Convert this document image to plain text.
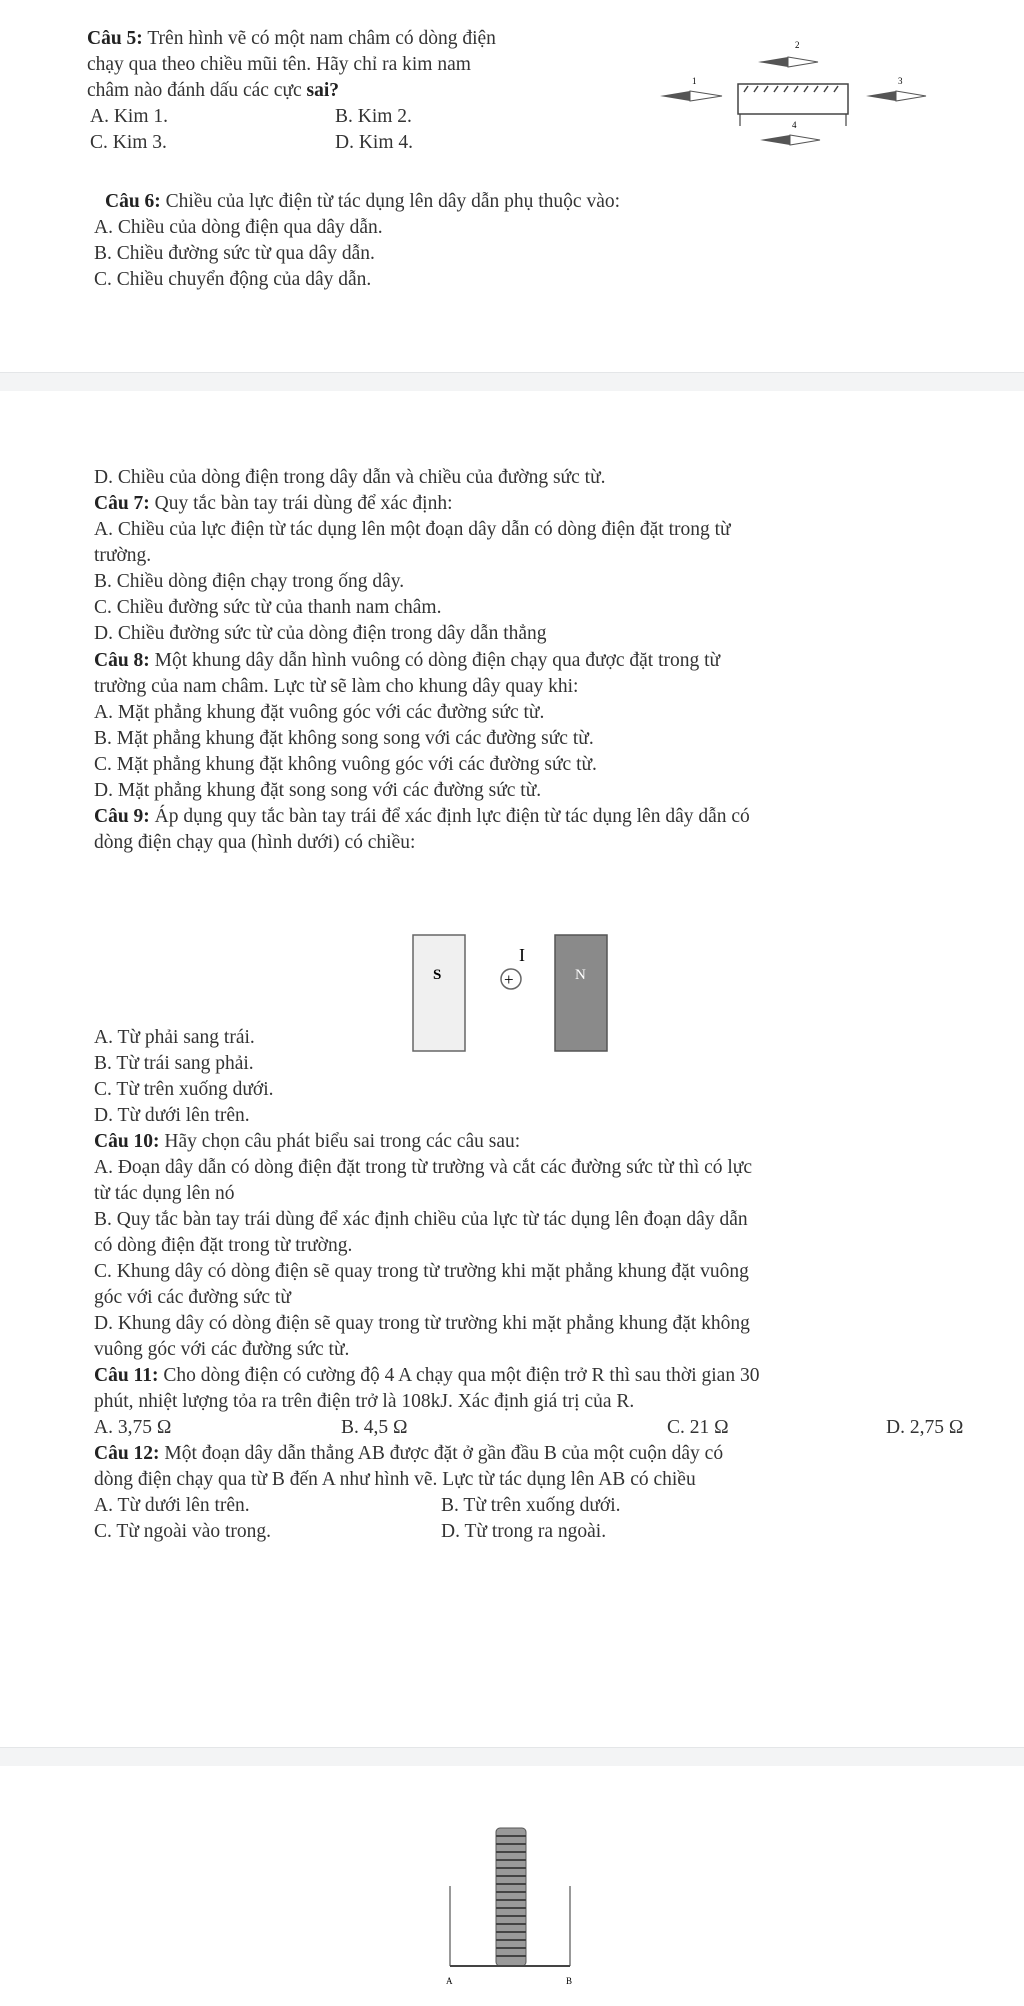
Câu 5: Trên hình vẽ có một nam châm có dòng điện
chạy qua theo chiều mũi tên. Hãy chỉ ra kim nam
châm nào đánh dấu các cực sai?
A. Kim 1.	B. Kim 2.
C. Kim 3.	D. Kim 4.
2
1	3
4
Câu 6: Chiều của lực điện từ tác dụng lên dây dẫn phụ thuộc vào:
A. Chiều của dòng điện qua dây dẫn.
B. Chiều đường sức từ qua dây dẫn.
C. Chiều chuyển động của dây dẫn.
D. Chiều của dòng điện trong dây dẫn và chiều của đường sức từ.
Câu 7: Quy tắc bàn tay trái dùng để xác định:
A. Chiều của lực điện từ tác dụng lên một đoạn dây dẫn có dòng điện đặt trong từ
trường.
B. Chiều dòng điện chạy trong ống dây.
C. Chiều đường sức từ của thanh nam châm.
D. Chiều đường sức từ của dòng điện trong dây dẫn thẳng
Câu 8: Một khung dây dẫn hình vuông có dòng điện chạy qua được đặt trong từ
trường của nam châm. Lực từ sẽ làm cho khung dây quay khi:
A. Mặt phẳng khung đặt vuông góc với các đường sức từ.
B. Mặt phẳng khung đặt không song song với các đường sức từ.
C. Mặt phẳng khung đặt không vuông góc với các đường sức từ.
D. Mặt phẳng khung đặt song song với các đường sức từ.
Câu 9: Áp dụng quy tắc bàn tay trái để xác định lực điện từ tác dụng lên dây dẫn có
dòng điện chạy qua (hình dưới) có chiều:
S	+
I
N
A. Từ phải sang trái.
B. Từ trái sang phải.
C. Từ trên xuống dưới.
D. Từ dưới lên trên.
Câu 10: Hãy chọn câu phát biểu sai trong các câu sau:
A. Đoạn dây dẫn có dòng điện đặt trong từ trường và cắt các đường sức từ thì có lực
từ tác dụng lên nó
B. Quy tắc bàn tay trái dùng để xác định chiều của lực từ tác dụng lên đoạn dây dẫn
có dòng điện đặt trong từ trường.
C. Khung dây có dòng điện sẽ quay trong từ trường khi mặt phẳng khung đặt vuông
góc với các đường sức từ
D. Khung dây có dòng điện sẽ quay trong từ trường khi mặt phẳng khung đặt không
vuông góc với các đường sức từ.
Câu 11: Cho dòng điện có cường độ 4 A chạy qua một điện trở R thì sau thời gian 30
phút, nhiệt lượng tỏa ra trên điện trở là 108kJ. Xác định giá trị của R.
A. 3,75 Ω	B. 4,5 Ω	C. 21 Ω	D. 2,75 Ω
Câu 12: Một đoạn dây dẫn thẳng AB được đặt ở gần đầu B của một cuộn dây có
dòng điện chạy qua từ B đến A như hình vẽ. Lực từ tác dụng lên AB có chiều
A. Từ dưới lên trên.	B. Từ trên xuống dưới.
C. Từ ngoài vào trong.	D. Từ trong ra ngoài.
A	B
